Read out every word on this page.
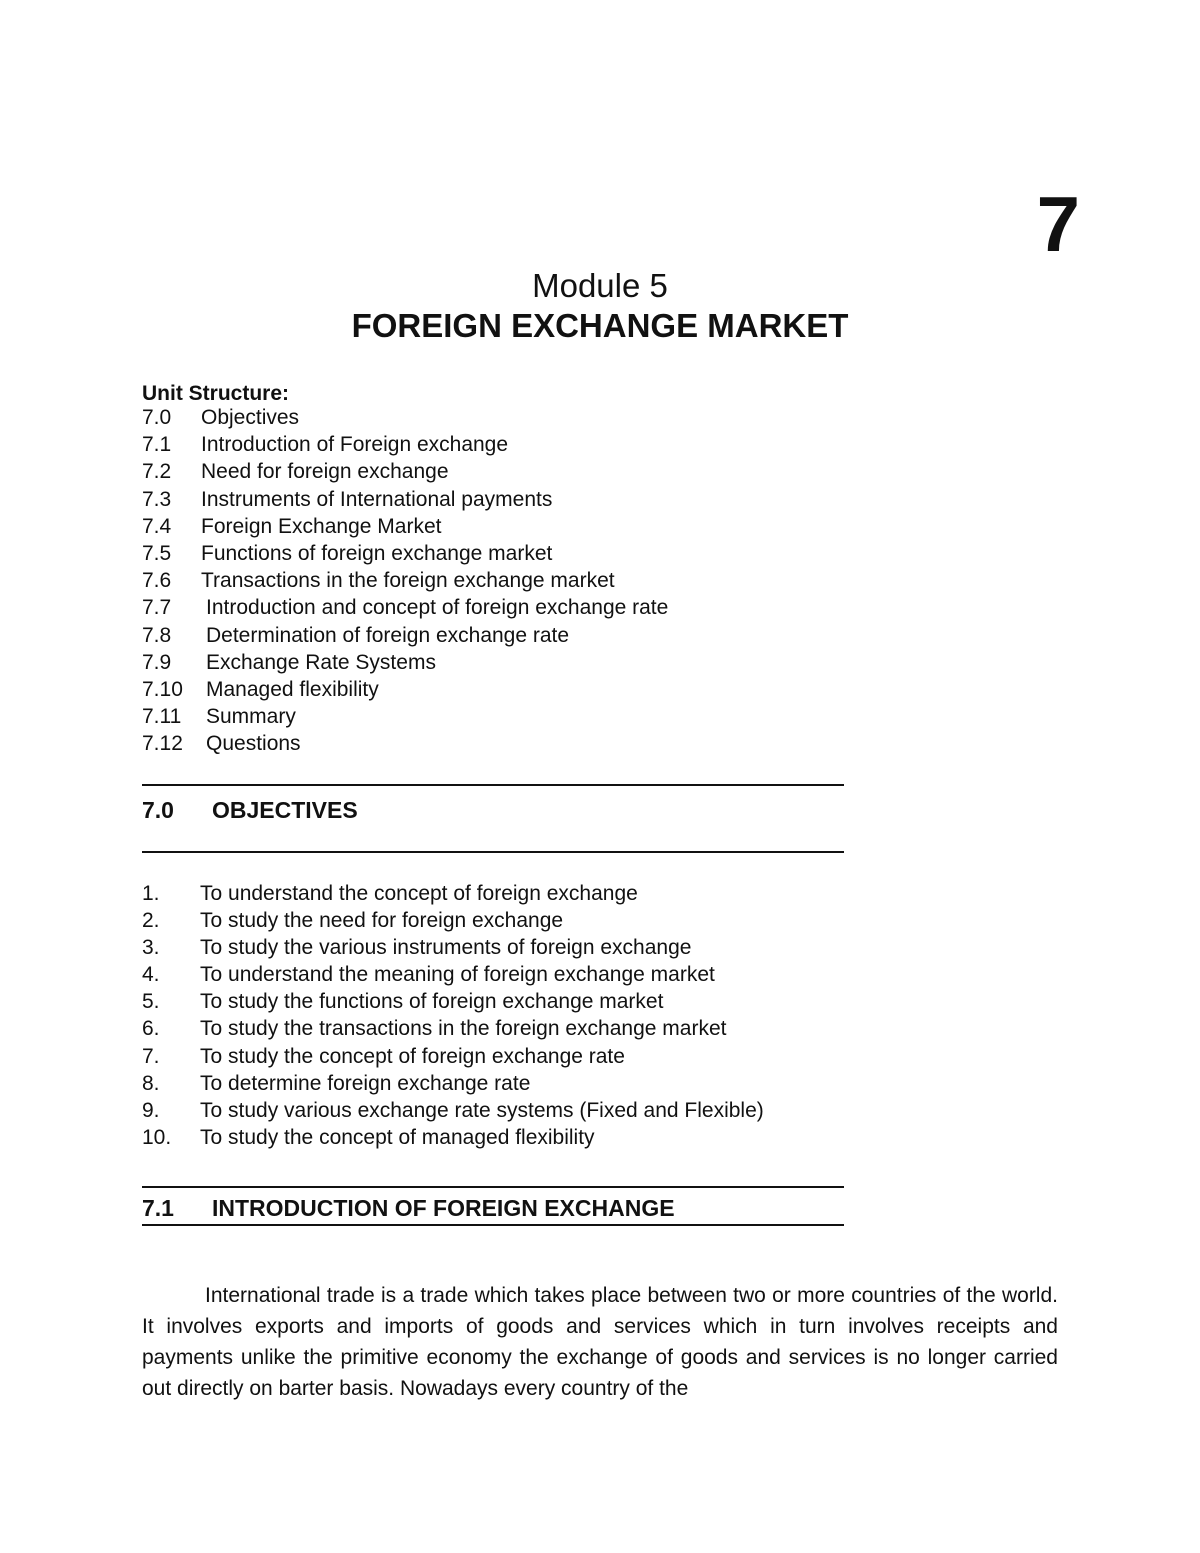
7
Module 5
FOREIGN EXCHANGE MARKET
Unit Structure:
7.0 Objectives
7.1 Introduction of Foreign exchange
7.2 Need for foreign exchange
7.3 Instruments of International payments
7.4 Foreign Exchange Market
7.5 Functions of foreign exchange market
7.6 Transactions in the foreign exchange market
7.7 Introduction and concept of foreign exchange rate
7.8 Determination of foreign exchange rate
7.9 Exchange Rate Systems
7.10 Managed flexibility
7.11 Summary
7.12 Questions
7.0 OBJECTIVES
1. To understand the concept of foreign exchange
2. To study the need for foreign exchange
3. To study the various instruments of foreign exchange
4. To understand the meaning of foreign exchange market
5. To study the functions of foreign exchange market
6. To study the transactions in the foreign exchange market
7. To study the concept of foreign exchange rate
8. To determine foreign exchange rate
9. To study various exchange rate systems (Fixed and Flexible)
10. To study the concept of managed flexibility
7.1 INTRODUCTION OF FOREIGN EXCHANGE

International trade is a trade which takes place between two or more countries of the world. It involves exports and imports of goods and services which in turn involves receipts and payments unlike the primitive economy the exchange of goods and services is no longer carried out directly on barter basis. Nowadays every country of the
